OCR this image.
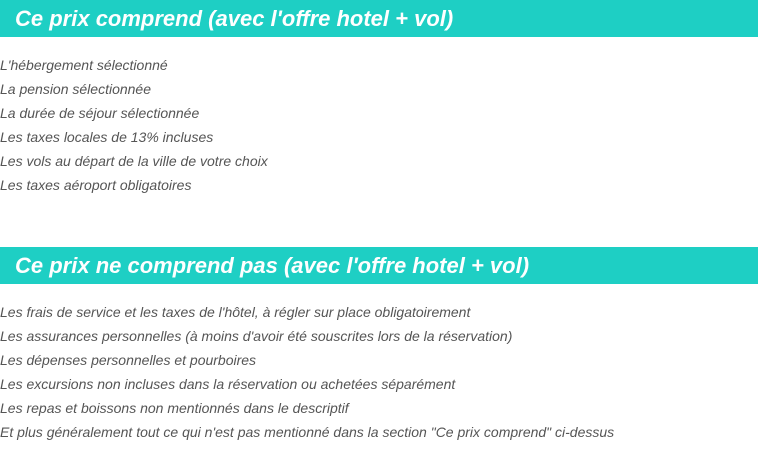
Ce prix comprend (avec l'offre hotel + vol)
L'hébergement sélectionné
La pension sélectionnée
La durée de séjour sélectionnée
Les taxes locales de 13% incluses
Les vols au départ de la ville de votre choix
Les taxes aéroport obligatoires
Ce prix ne comprend pas (avec l'offre hotel + vol)
Les frais de service et les taxes de l'hôtel, à régler sur place obligatoirement
Les assurances personnelles (à moins d'avoir été souscrites lors de la réservation)
Les dépenses personnelles et pourboires
Les excursions non incluses dans la réservation ou achetées séparément
Les repas et boissons non mentionnés dans le descriptif
Et plus généralement tout ce qui n'est pas mentionné dans la section "Ce prix comprend" ci-dessus
